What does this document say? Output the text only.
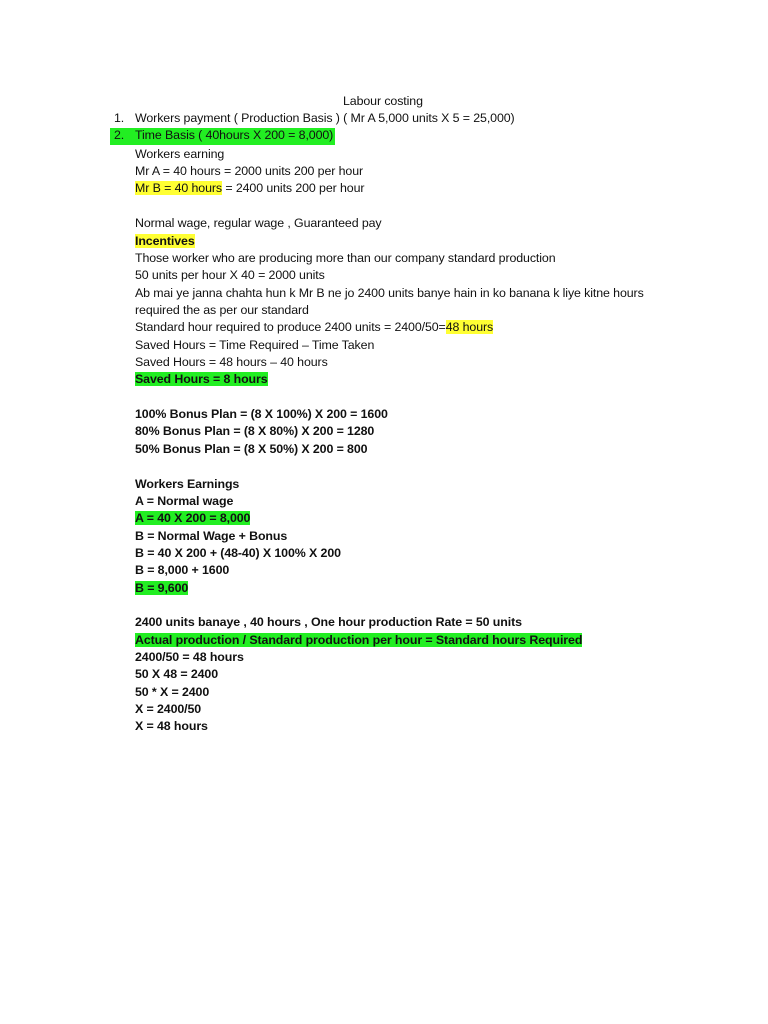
Labour costing
1. Workers payment ( Production Basis ) ( Mr A 5,000 units X 5 = 25,000)
2. Time Basis ( 40hours X 200 = 8,000)
Workers earning
Mr A = 40 hours = 2000 units 200 per hour
Mr B = 40 hours = 2400 units 200 per hour
Normal wage, regular wage , Guaranteed pay
Incentives
Those worker who are producing more than our company standard production
50 units per hour X 40 = 2000 units
Ab mai ye janna chahta hun k Mr B ne jo 2400 units banye hain in ko banana k liye kitne hours
required the as per our standard
Standard hour required to produce 2400 units = 2400/50=48 hours
Saved Hours = Time Required – Time Taken
Saved Hours = 48 hours – 40 hours
Saved Hours = 8 hours
100% Bonus Plan = (8 X 100%) X 200 = 1600
80% Bonus Plan = (8 X 80%) X 200 = 1280
50% Bonus Plan = (8 X 50%) X 200 = 800
Workers Earnings
A = Normal wage
A = 40 X 200 = 8,000
B = Normal Wage + Bonus
B = 40 X 200 + (48-40) X 100% X 200
B = 8,000 + 1600
B = 9,600
2400 units banaye , 40 hours , One hour production Rate = 50 units
Actual production / Standard production per hour = Standard hours Required
2400/50 = 48 hours
50 X 48 = 2400
50 * X = 2400
X = 2400/50
X = 48 hours
